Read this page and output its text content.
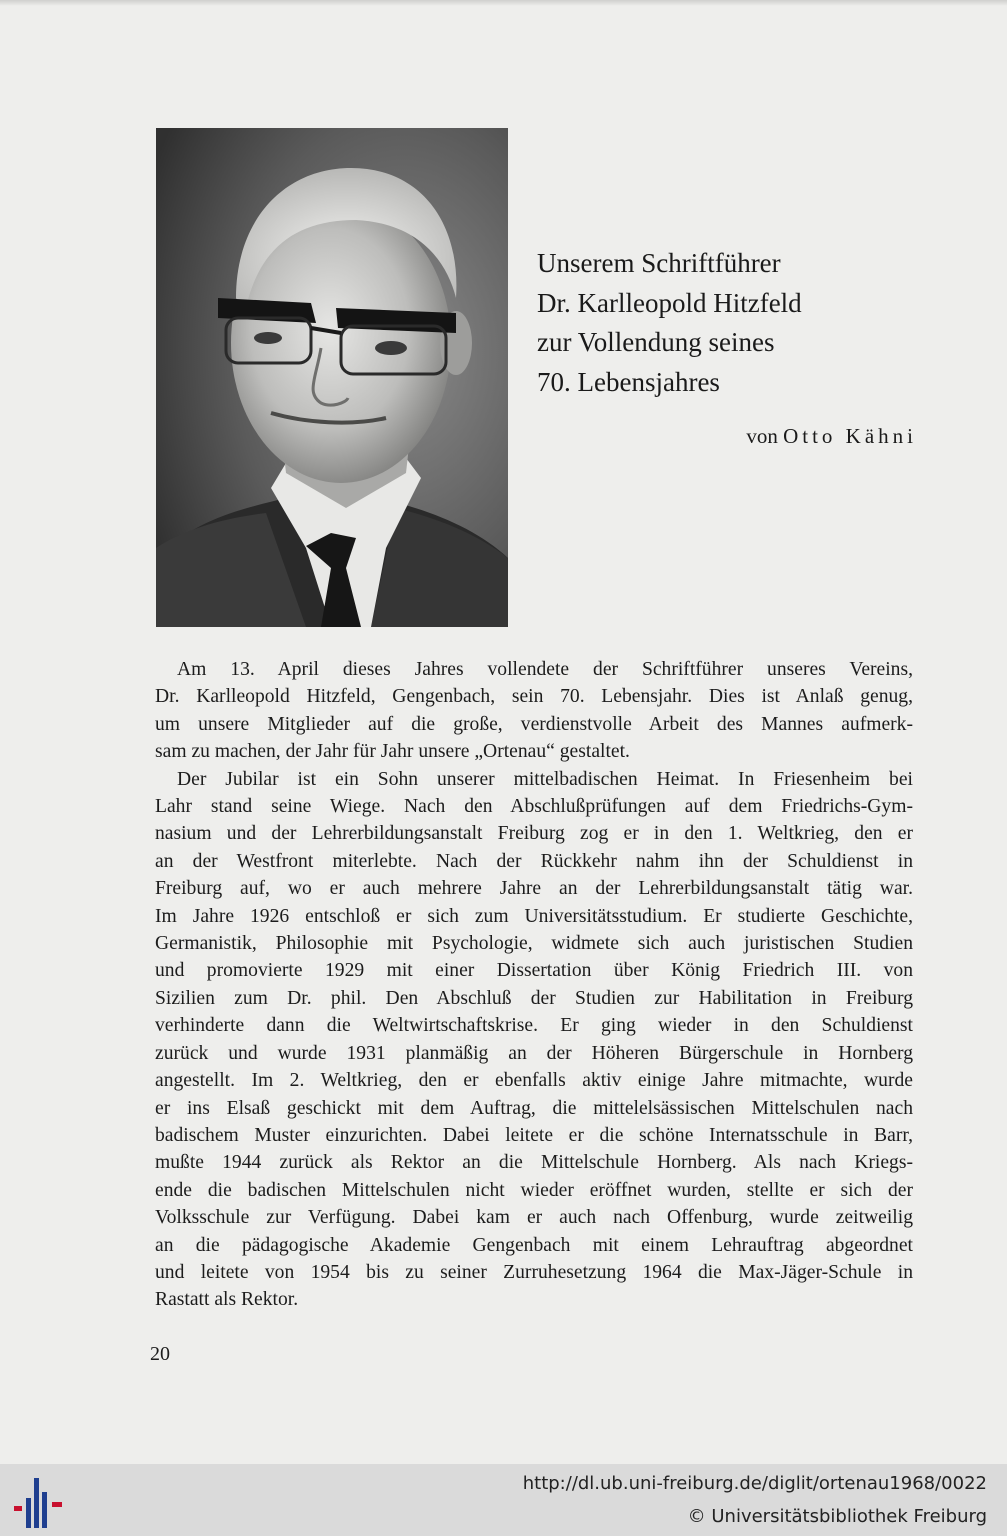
Unserem Schriftführer
Dr. Karlleopold Hitzfeld
zur Vollendung seines
70. Lebensjahres
von Otto Kähni
Am 13. April dieses Jahres vollendete der Schriftführer unseres Vereins,
Dr. Karlleopold Hitzfeld, Gengenbach, sein 70. Lebensjahr. Dies ist Anlaß genug,
um unsere Mitglieder auf die große, verdienstvolle Arbeit des Mannes aufmerk-
sam zu machen, der Jahr für Jahr unsere „Ortenau“ gestaltet.
Der Jubilar ist ein Sohn unserer mittelbadischen Heimat. In Friesenheim bei
Lahr stand seine Wiege. Nach den Abschlußprüfungen auf dem Friedrichs-Gym-
nasium und der Lehrerbildungsanstalt Freiburg zog er in den 1. Weltkrieg, den er
an der Westfront miterlebte. Nach der Rückkehr nahm ihn der Schuldienst in
Freiburg auf, wo er auch mehrere Jahre an der Lehrerbildungsanstalt tätig war.
Im Jahre 1926 entschloß er sich zum Universitätsstudium. Er studierte Geschichte,
Germanistik, Philosophie mit Psychologie, widmete sich auch juristischen Studien
und promovierte 1929 mit einer Dissertation über König Friedrich III. von
Sizilien zum Dr. phil. Den Abschluß der Studien zur Habilitation in Freiburg
verhinderte dann die Weltwirtschaftskrise. Er ging wieder in den Schuldienst
zurück und wurde 1931 planmäßig an der Höheren Bürgerschule in Hornberg
angestellt. Im 2. Weltkrieg, den er ebenfalls aktiv einige Jahre mitmachte, wurde
er ins Elsaß geschickt mit dem Auftrag, die mittelelsässischen Mittelschulen nach
badischem Muster einzurichten. Dabei leitete er die schöne Internatsschule in Barr,
mußte 1944 zurück als Rektor an die Mittelschule Hornberg. Als nach Kriegs-
ende die badischen Mittelschulen nicht wieder eröffnet wurden, stellte er sich der
Volksschule zur Verfügung. Dabei kam er auch nach Offenburg, wurde zeitweilig
an die pädagogische Akademie Gengenbach mit einem Lehrauftrag abgeordnet
und leitete von 1954 bis zu seiner Zurruhesetzung 1964 die Max-Jäger-Schule in
Rastatt als Rektor.
20
http://dl.ub.uni-freiburg.de/diglit/ortenau1968/0022
© Universitätsbibliothek Freiburg
